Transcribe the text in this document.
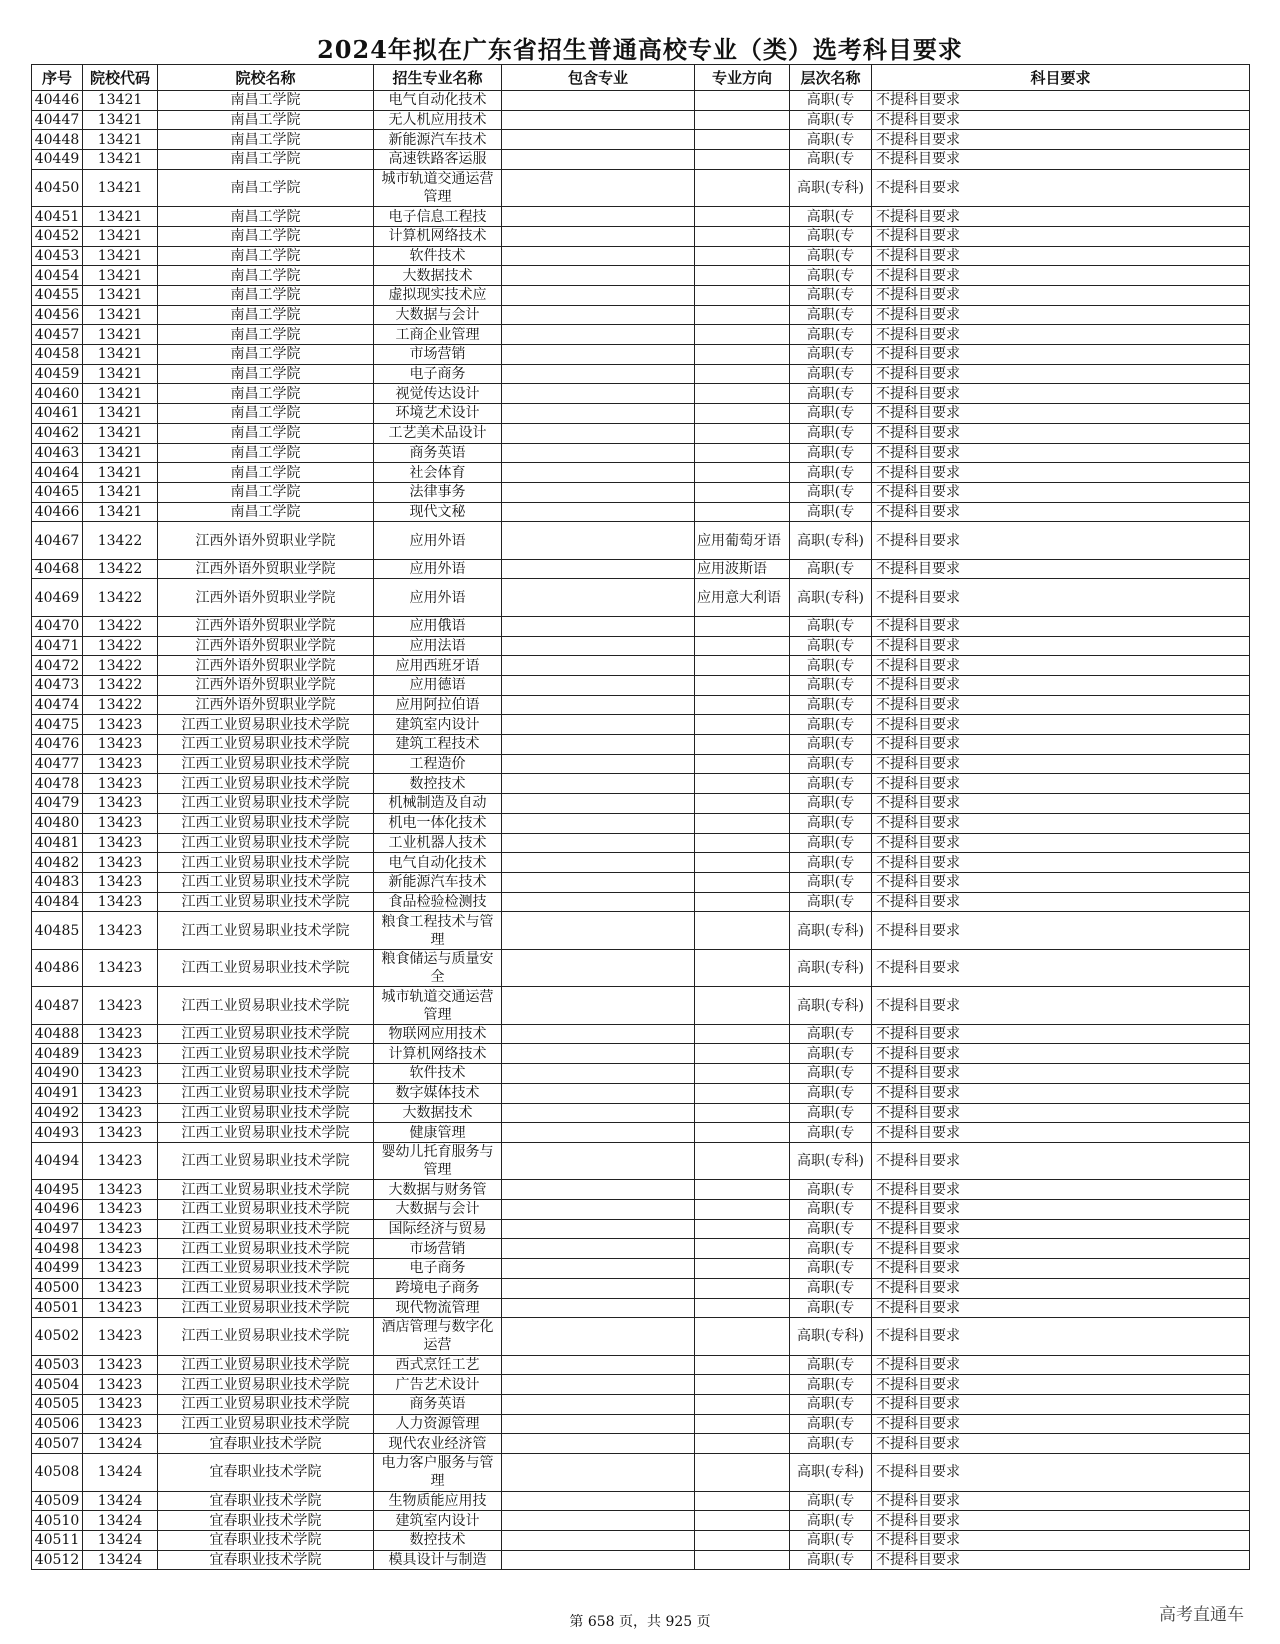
2024年拟在广东省招生普通高校专业（类）选考科目要求
序号	院校代码	院校名称	招生专业名称	包含专业	专业方向	层次名称	科目要求
40446	13421	南昌工学院	电气自动化技术			高职(专	不提科目要求
40447	13421	南昌工学院	无人机应用技术			高职(专	不提科目要求
40448	13421	南昌工学院	新能源汽车技术			高职(专	不提科目要求
40449	13421	南昌工学院	高速铁路客运服			高职(专	不提科目要求
40450	13421	南昌工学院	城市轨道交通运营管理			高职(专科)	不提科目要求
40451	13421	南昌工学院	电子信息工程技			高职(专	不提科目要求
40452	13421	南昌工学院	计算机网络技术			高职(专	不提科目要求
40453	13421	南昌工学院	软件技术			高职(专	不提科目要求
40454	13421	南昌工学院	大数据技术			高职(专	不提科目要求
40455	13421	南昌工学院	虚拟现实技术应			高职(专	不提科目要求
40456	13421	南昌工学院	大数据与会计			高职(专	不提科目要求
40457	13421	南昌工学院	工商企业管理			高职(专	不提科目要求
40458	13421	南昌工学院	市场营销			高职(专	不提科目要求
40459	13421	南昌工学院	电子商务			高职(专	不提科目要求
40460	13421	南昌工学院	视觉传达设计			高职(专	不提科目要求
40461	13421	南昌工学院	环境艺术设计			高职(专	不提科目要求
40462	13421	南昌工学院	工艺美术品设计			高职(专	不提科目要求
40463	13421	南昌工学院	商务英语			高职(专	不提科目要求
40464	13421	南昌工学院	社会体育			高职(专	不提科目要求
40465	13421	南昌工学院	法律事务			高职(专	不提科目要求
40466	13421	南昌工学院	现代文秘			高职(专	不提科目要求
40467	13422	江西外语外贸职业学院	应用外语		应用葡萄牙语	高职(专科)	不提科目要求
40468	13422	江西外语外贸职业学院	应用外语		应用波斯语	高职(专	不提科目要求
40469	13422	江西外语外贸职业学院	应用外语		应用意大利语	高职(专科)	不提科目要求
40470	13422	江西外语外贸职业学院	应用俄语			高职(专	不提科目要求
40471	13422	江西外语外贸职业学院	应用法语			高职(专	不提科目要求
40472	13422	江西外语外贸职业学院	应用西班牙语			高职(专	不提科目要求
40473	13422	江西外语外贸职业学院	应用德语			高职(专	不提科目要求
40474	13422	江西外语外贸职业学院	应用阿拉伯语			高职(专	不提科目要求
40475	13423	江西工业贸易职业技术学院	建筑室内设计			高职(专	不提科目要求
40476	13423	江西工业贸易职业技术学院	建筑工程技术			高职(专	不提科目要求
40477	13423	江西工业贸易职业技术学院	工程造价			高职(专	不提科目要求
40478	13423	江西工业贸易职业技术学院	数控技术			高职(专	不提科目要求
40479	13423	江西工业贸易职业技术学院	机械制造及自动			高职(专	不提科目要求
40480	13423	江西工业贸易职业技术学院	机电一体化技术			高职(专	不提科目要求
40481	13423	江西工业贸易职业技术学院	工业机器人技术			高职(专	不提科目要求
40482	13423	江西工业贸易职业技术学院	电气自动化技术			高职(专	不提科目要求
40483	13423	江西工业贸易职业技术学院	新能源汽车技术			高职(专	不提科目要求
40484	13423	江西工业贸易职业技术学院	食品检验检测技			高职(专	不提科目要求
40485	13423	江西工业贸易职业技术学院	粮食工程技术与管理			高职(专科)	不提科目要求
40486	13423	江西工业贸易职业技术学院	粮食储运与质量安全			高职(专科)	不提科目要求
40487	13423	江西工业贸易职业技术学院	城市轨道交通运营管理			高职(专科)	不提科目要求
40488	13423	江西工业贸易职业技术学院	物联网应用技术			高职(专	不提科目要求
40489	13423	江西工业贸易职业技术学院	计算机网络技术			高职(专	不提科目要求
40490	13423	江西工业贸易职业技术学院	软件技术			高职(专	不提科目要求
40491	13423	江西工业贸易职业技术学院	数字媒体技术			高职(专	不提科目要求
40492	13423	江西工业贸易职业技术学院	大数据技术			高职(专	不提科目要求
40493	13423	江西工业贸易职业技术学院	健康管理			高职(专	不提科目要求
40494	13423	江西工业贸易职业技术学院	婴幼儿托育服务与管理			高职(专科)	不提科目要求
40495	13423	江西工业贸易职业技术学院	大数据与财务管			高职(专	不提科目要求
40496	13423	江西工业贸易职业技术学院	大数据与会计			高职(专	不提科目要求
40497	13423	江西工业贸易职业技术学院	国际经济与贸易			高职(专	不提科目要求
40498	13423	江西工业贸易职业技术学院	市场营销			高职(专	不提科目要求
40499	13423	江西工业贸易职业技术学院	电子商务			高职(专	不提科目要求
40500	13423	江西工业贸易职业技术学院	跨境电子商务			高职(专	不提科目要求
40501	13423	江西工业贸易职业技术学院	现代物流管理			高职(专	不提科目要求
40502	13423	江西工业贸易职业技术学院	酒店管理与数字化运营			高职(专科)	不提科目要求
40503	13423	江西工业贸易职业技术学院	西式烹饪工艺			高职(专	不提科目要求
40504	13423	江西工业贸易职业技术学院	广告艺术设计			高职(专	不提科目要求
40505	13423	江西工业贸易职业技术学院	商务英语			高职(专	不提科目要求
40506	13423	江西工业贸易职业技术学院	人力资源管理			高职(专	不提科目要求
40507	13424	宜春职业技术学院	现代农业经济管			高职(专	不提科目要求
40508	13424	宜春职业技术学院	电力客户服务与管理			高职(专科)	不提科目要求
40509	13424	宜春职业技术学院	生物质能应用技			高职(专	不提科目要求
40510	13424	宜春职业技术学院	建筑室内设计			高职(专	不提科目要求
40511	13424	宜春职业技术学院	数控技术			高职(专	不提科目要求
40512	13424	宜春职业技术学院	模具设计与制造			高职(专	不提科目要求
第 658 页，共 925 页	高考直通车
